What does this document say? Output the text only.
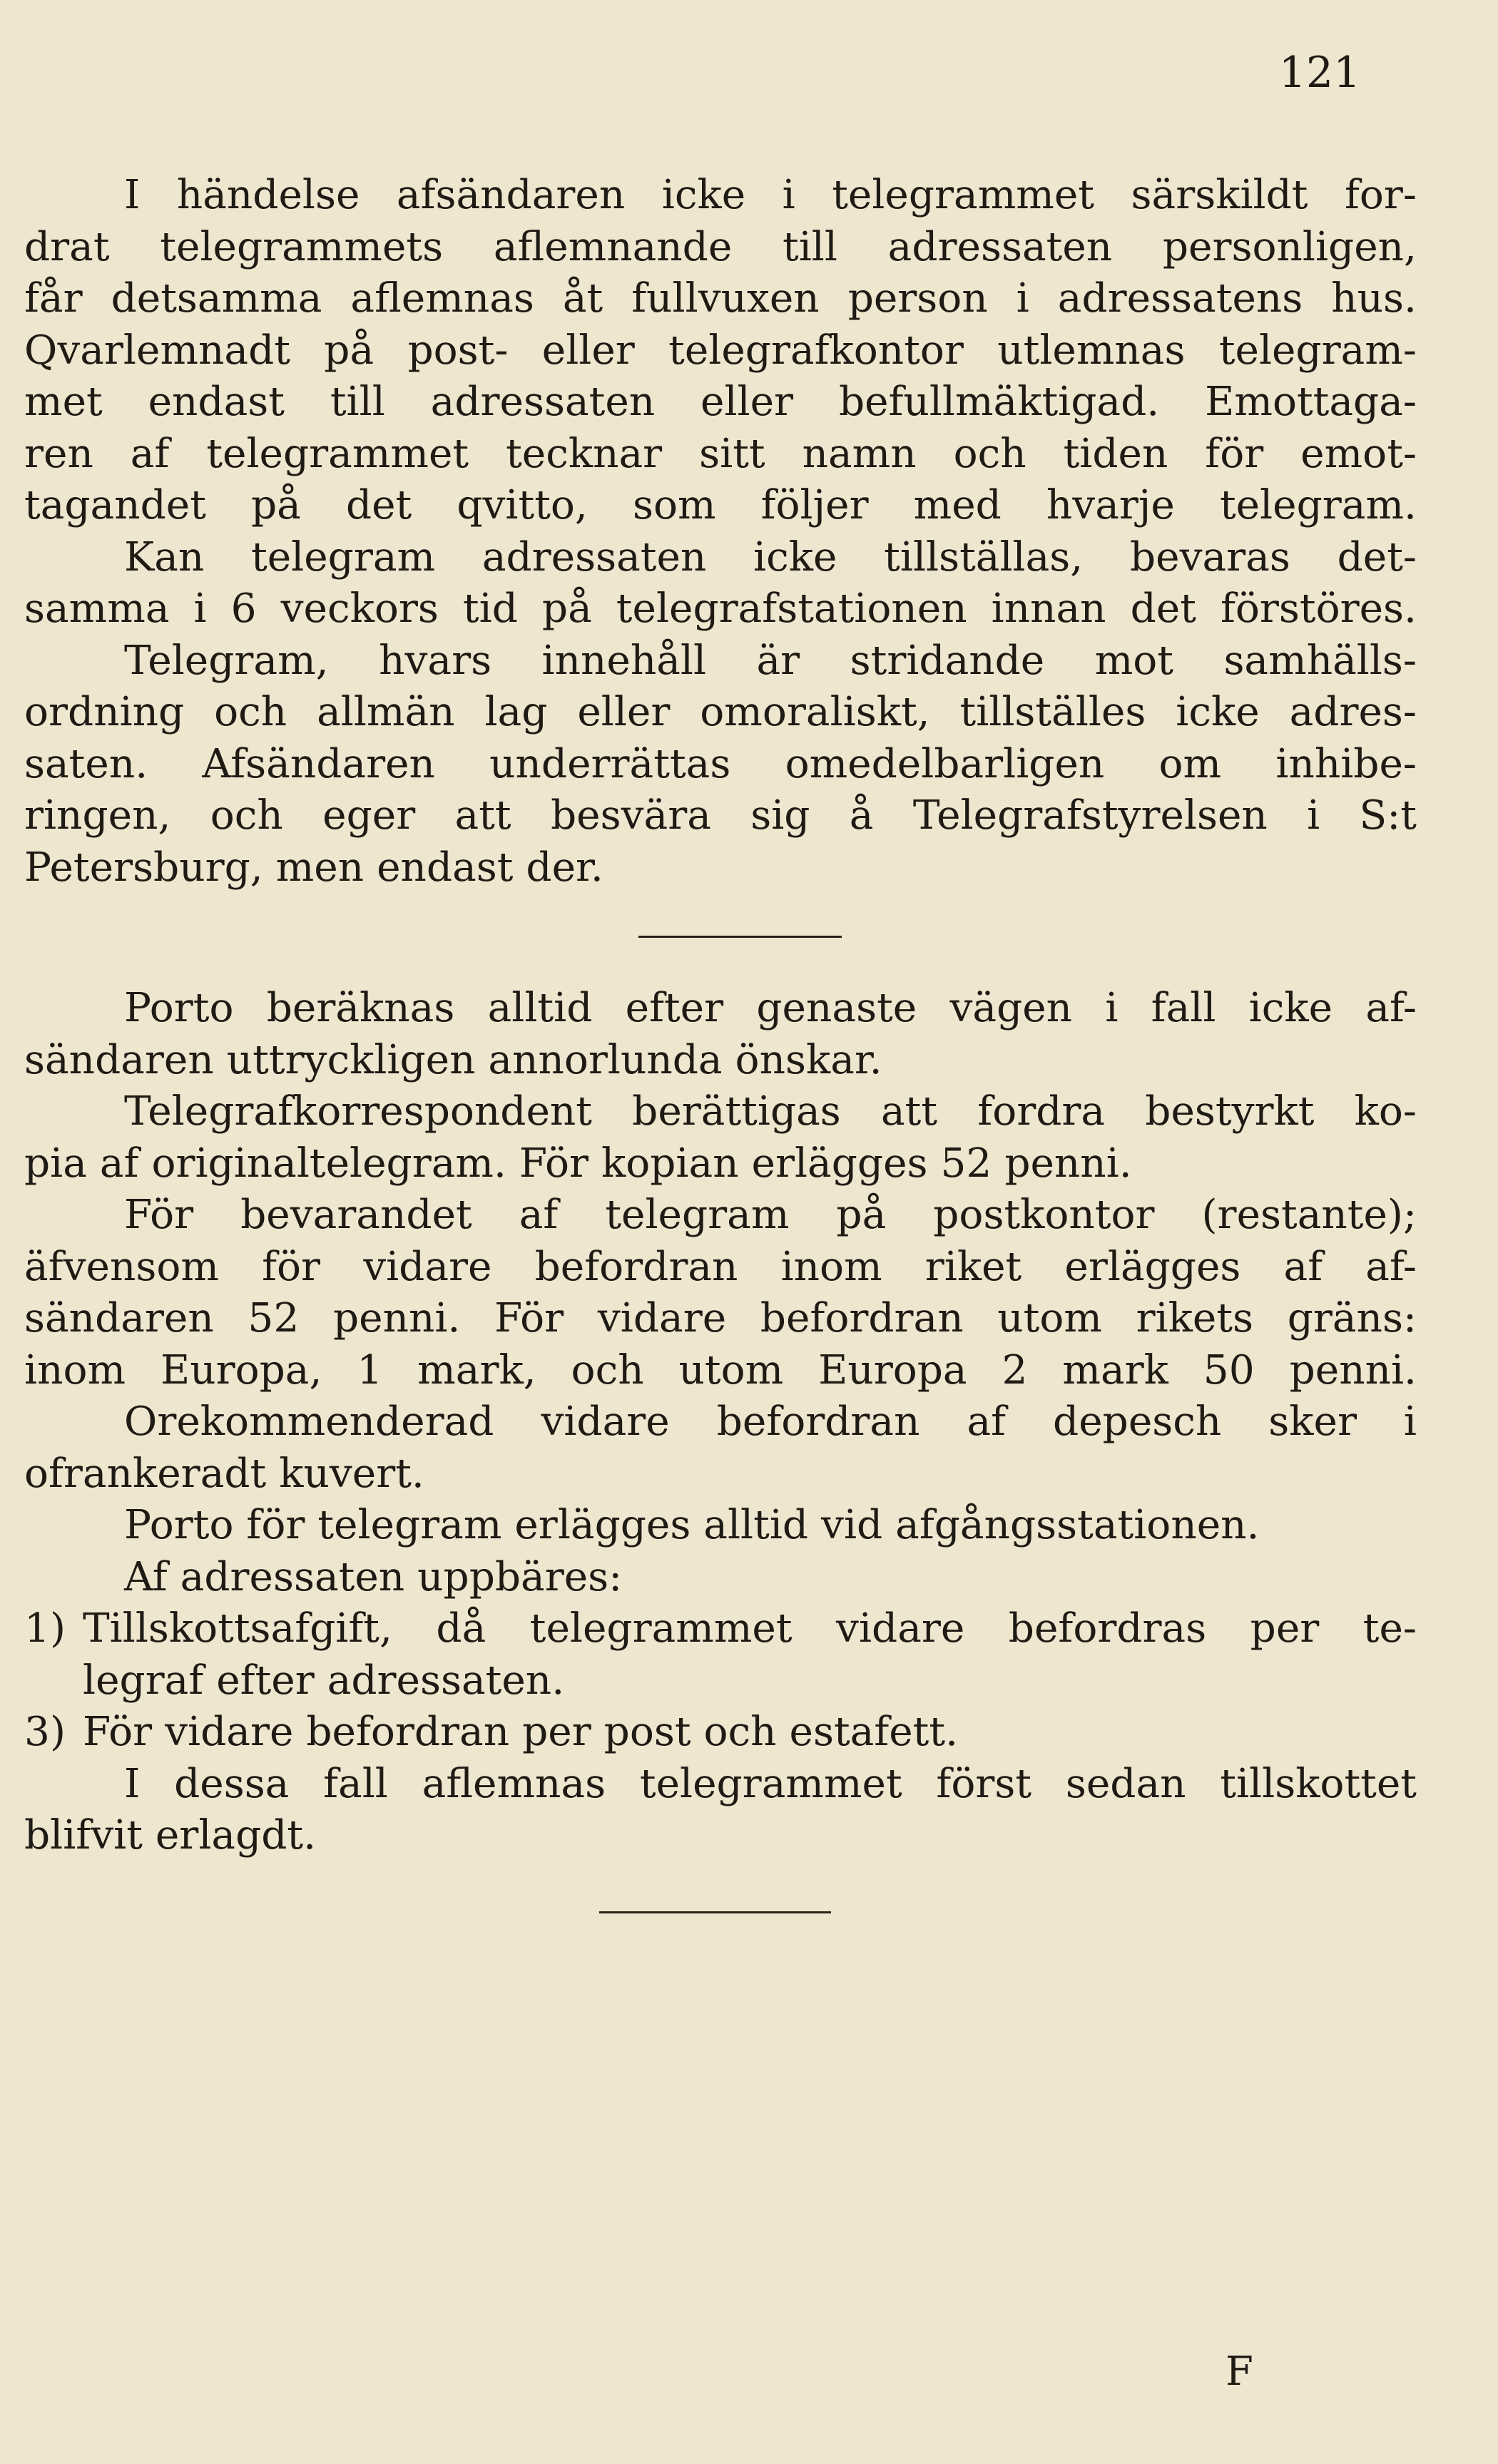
121

I händelse afsändaren icke i telegrammet särskildt for-

drat telegrammets aflemnande till adressaten personligen,

får detsamma aflemnas åt fullvuxen person i adressatens hus.

Qvarlemnadt på post- eller telegrafkontor utlemnas telegram-

met endast till adressaten eller befullmäktigad. Emottaga-

ren af telegrammet tecknar sitt namn och tiden för emot-

tagandet på det qvitto, som följer med hvarje telegram.

Kan telegram adressaten icke tillställas, bevaras det-

samma i 6 veckors tid på telegrafstationen innan det förstöres.

Telegram, hvars innehåll är stridande mot samhälls-

ordning och allmän lag eller omoraliskt, tillställes icke adres-

saten. Afsändaren underrättas omedelbarligen om inhibe-

ringen, och eger att besvära sig å Telegrafstyrelsen i S:t

Petersburg, men endast der.

Porto beräknas alltid efter genaste vägen i fall icke af-

sändaren uttryckligen annorlunda önskar.

Telegrafkorrespondent berättigas att fordra bestyrkt ko-

pia af originaltelegram. För kopian erlägges 52 penni.

För bevarandet af telegram på postkontor (restante);

äfvensom för vidare befordran inom riket erlägges af af-

sändaren 52 penni. För vidare befordran utom rikets gräns:

inom Europa, 1 mark, och utom Europa 2 mark 50 penni.

Orekommenderad vidare befordran af depesch sker i

ofrankeradt kuvert.

Porto för telegram erlägges alltid vid afgångsstationen.

Af adressaten uppbäres:

1) Tillskottsafgift, då telegrammet vidare befordras per te-

legraf efter adressaten.

3) För vidare befordran per post och estafett.

I dessa fall aflemnas telegrammet först sedan tillskottet

blifvit erlagdt.

F
